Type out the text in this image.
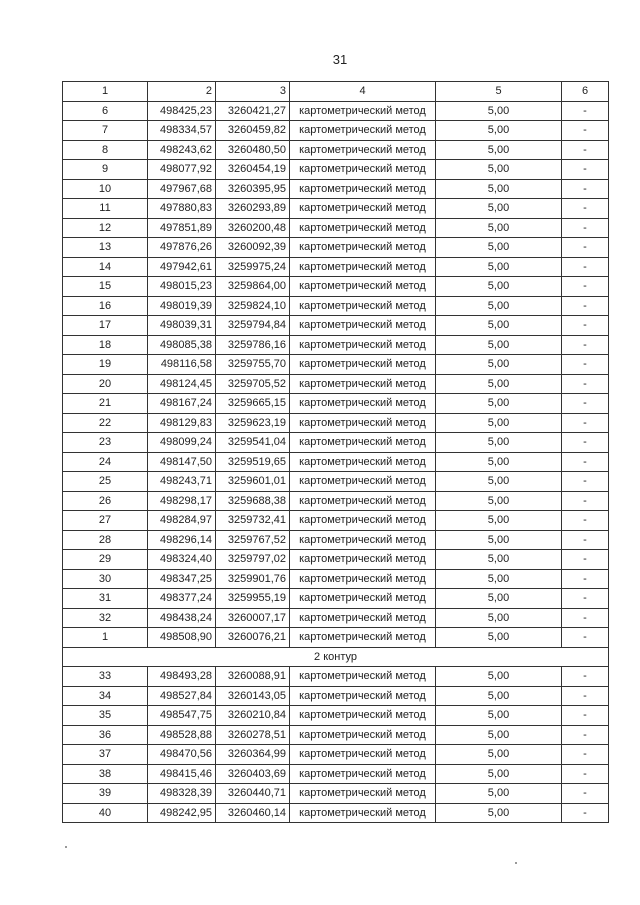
31
1	2	3	4	5	6
6	498425,23	3260421,27	картометрический метод	5,00	-
7	498334,57	3260459,82	картометрический метод	5,00	-
8	498243,62	3260480,50	картометрический метод	5,00	-
9	498077,92	3260454,19	картометрический метод	5,00	-
10	497967,68	3260395,95	картометрический метод	5,00	-
11	497880,83	3260293,89	картометрический метод	5,00	-
12	497851,89	3260200,48	картометрический метод	5,00	-
13	497876,26	3260092,39	картометрический метод	5,00	-
14	497942,61	3259975,24	картометрический метод	5,00	-
15	498015,23	3259864,00	картометрический метод	5,00	-
16	498019,39	3259824,10	картометрический метод	5,00	-
17	498039,31	3259794,84	картометрический метод	5,00	-
18	498085,38	3259786,16	картометрический метод	5,00	-
19	498116,58	3259755,70	картометрический метод	5,00	-
20	498124,45	3259705,52	картометрический метод	5,00	-
21	498167,24	3259665,15	картометрический метод	5,00	-
22	498129,83	3259623,19	картометрический метод	5,00	-
23	498099,24	3259541,04	картометрический метод	5,00	-
24	498147,50	3259519,65	картометрический метод	5,00	-
25	498243,71	3259601,01	картометрический метод	5,00	-
26	498298,17	3259688,38	картометрический метод	5,00	-
27	498284,97	3259732,41	картометрический метод	5,00	-
28	498296,14	3259767,52	картометрический метод	5,00	-
29	498324,40	3259797,02	картометрический метод	5,00	-
30	498347,25	3259901,76	картометрический метод	5,00	-
31	498377,24	3259955,19	картометрический метод	5,00	-
32	498438,24	3260007,17	картометрический метод	5,00	-
1	498508,90	3260076,21	картометрический метод	5,00	-
2 контур					
33	498493,28	3260088,91	картометрический метод	5,00	-
34	498527,84	3260143,05	картометрический метод	5,00	-
35	498547,75	3260210,84	картометрический метод	5,00	-
36	498528,88	3260278,51	картометрический метод	5,00	-
37	498470,56	3260364,99	картометрический метод	5,00	-
38	498415,46	3260403,69	картометрический метод	5,00	-
39	498328,39	3260440,71	картометрический метод	5,00	-
40	498242,95	3260460,14	картометрический метод	5,00	-
